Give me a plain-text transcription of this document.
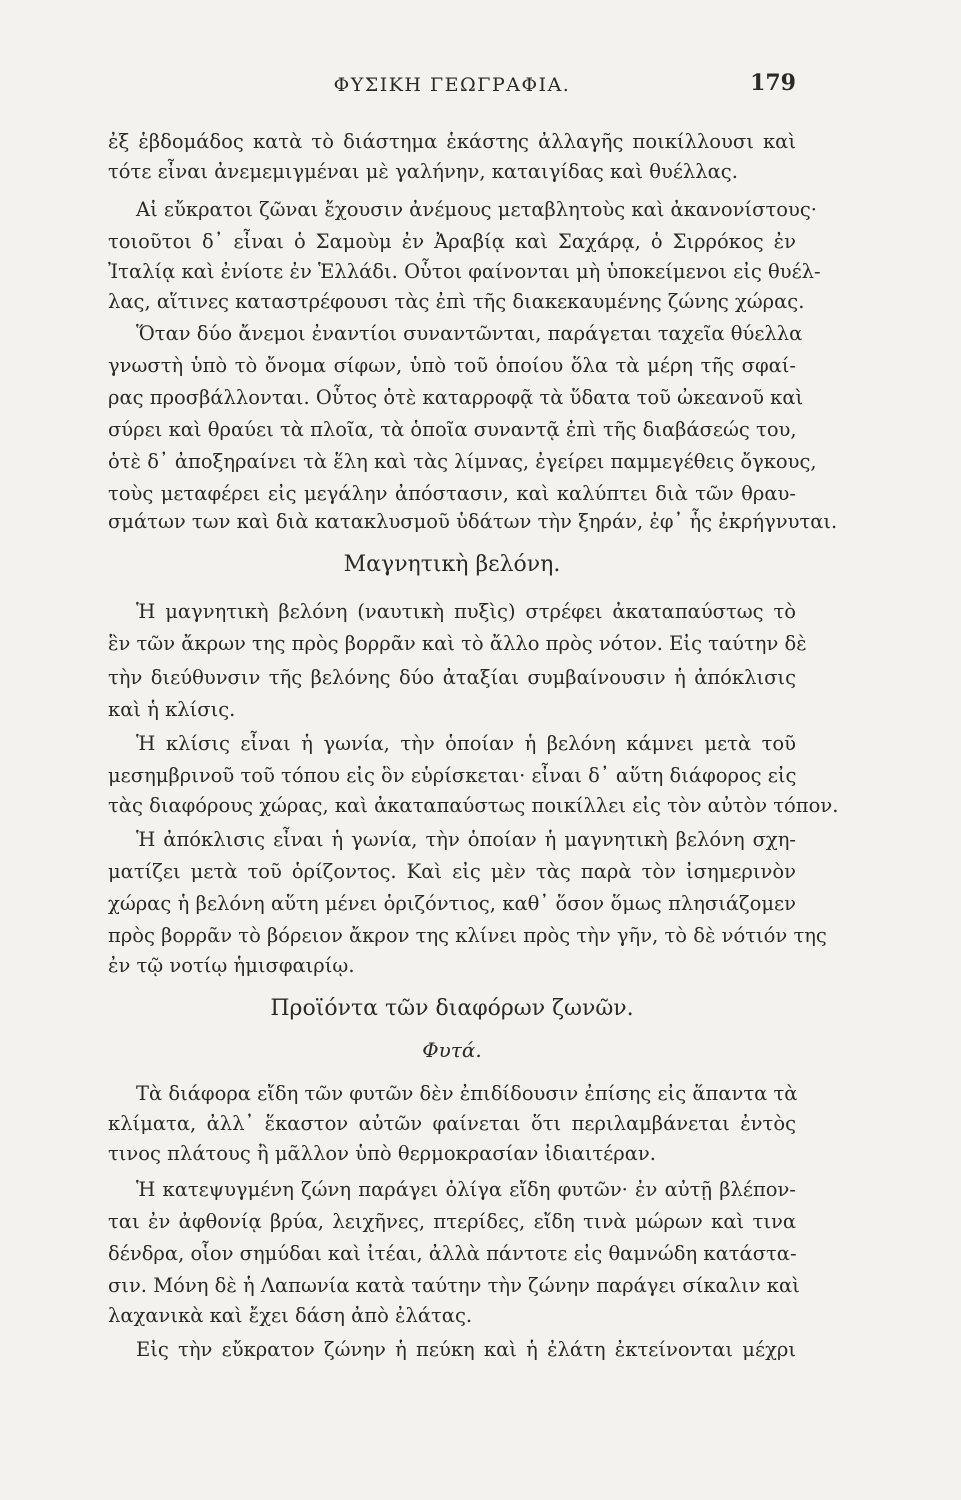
ΦΥΣΙΚΗ ΓΕΩΓΡΑΦΙΑ.	179
ἐξ ἑβδομάδος κατὰ τὸ διάστημα ἑκάστης ἀλλαγῆς ποικίλλουσι καὶ
τότε εἶναι ἀνεμεμιγμέναι μὲ γαλήνην, καταιγίδας καὶ θυέλλας.
Αἱ εὔκρατοι ζῶναι ἔχουσιν ἀνέμους μεταβλητοὺς καὶ ἀκανονίστους·
τοιοῦτοι δ᾽ εἶναι ὁ Σαμοὺμ ἐν Ἀραβίᾳ καὶ Σαχάρᾳ, ὁ Σιρρόκος ἐν
Ἰταλίᾳ καὶ ἐνίοτε ἐν Ἑλλάδι. Οὗτοι φαίνονται μὴ ὑποκείμενοι εἰς θυέλ-
λας, αἵτινες καταστρέφουσι τὰς ἐπὶ τῆς διακεκαυμένης ζώνης χώρας.
Ὅταν δύο ἄνεμοι ἐναντίοι συναντῶνται, παράγεται ταχεῖα θύελλα
γνωστὴ ὑπὸ τὸ ὄνομα σίφων, ὑπὸ τοῦ ὁποίου ὅλα τὰ μέρη τῆς σφαί-
ρας προσβάλλονται. Οὗτος ὁτὲ καταρροφᾷ τὰ ὕδατα τοῦ ὠκεανοῦ καὶ
σύρει καὶ θραύει τὰ πλοῖα, τὰ ὁποῖα συναντᾷ ἐπὶ τῆς διαβάσεώς του,
ὁτὲ δ᾽ ἀποξηραίνει τὰ ἕλη καὶ τὰς λίμνας, ἐγείρει παμμεγέθεις ὄγκους,
τοὺς μεταφέρει εἰς μεγάλην ἀπόστασιν, καὶ καλύπτει διὰ τῶν θραυ-
σμάτων των καὶ διὰ κατακλυσμοῦ ὑδάτων τὴν ξηράν, ἐφ᾽ ἧς ἐκρήγνυται.
Μαγνητικὴ βελόνη.
Ἡ μαγνητικὴ βελόνη (ναυτικὴ πυξὶς) στρέφει ἀκαταπαύστως τὸ
ἓν τῶν ἄκρων της πρὸς βορρᾶν καὶ τὸ ἄλλο πρὸς νότον. Εἰς ταύτην δὲ
τὴν διεύθυνσιν τῆς βελόνης δύο ἀταξίαι συμβαίνουσιν ἡ ἀπόκλισις
καὶ ἡ κλίσις.
Ἡ κλίσις εἶναι ἡ γωνία, τὴν ὁποίαν ἡ βελόνη κάμνει μετὰ τοῦ
μεσημβρινοῦ τοῦ τόπου εἰς ὃν εὑρίσκεται· εἶναι δ᾽ αὕτη διάφορος εἰς
τὰς διαφόρους χώρας, καὶ ἀκαταπαύστως ποικίλλει εἰς τὸν αὐτὸν τόπον.
Ἡ ἀπόκλισις εἶναι ἡ γωνία, τὴν ὁποίαν ἡ μαγνητικὴ βελόνη σχη-
ματίζει μετὰ τοῦ ὁρίζοντος. Καὶ εἰς μὲν τὰς παρὰ τὸν ἰσημερινὸν
χώρας ἡ βελόνη αὕτη μένει ὁριζόντιος, καθ᾽ ὅσον ὅμως πλησιάζομεν
πρὸς βορρᾶν τὸ βόρειον ἄκρον της κλίνει πρὸς τὴν γῆν, τὸ δὲ νότιόν της
ἐν τῷ νοτίῳ ἡμισφαιρίῳ.
Προϊόντα τῶν διαφόρων ζωνῶν.
Φυτά.
Τὰ διάφορα εἴδη τῶν φυτῶν δὲν ἐπιδίδουσιν ἐπίσης εἰς ἅπαντα τὰ
κλίματα, ἀλλ᾽ ἕκαστον αὐτῶν φαίνεται ὅτι περιλαμβάνεται ἐντὸς
τινος πλάτους ἢ μᾶλλον ὑπὸ θερμοκρασίαν ἰδιαιτέραν.
Ἡ κατεψυγμένη ζώνη παράγει ὀλίγα εἴδη φυτῶν· ἐν αὐτῇ βλέπον-
ται ἐν ἀφθονίᾳ βρύα, λειχῆνες, πτερίδες, εἴδη τινὰ μώρων καὶ τινα
δένδρα, οἷον σημύδαι καὶ ἰτέαι, ἀλλὰ πάντοτε εἰς θαμνώδη κατάστα-
σιν. Μόνη δὲ ἡ Λαπωνία κατὰ ταύτην τὴν ζώνην παράγει σίκαλιν καὶ
λαχανικὰ καὶ ἔχει δάση ἀπὸ ἐλάτας.
Εἰς τὴν εὔκρατον ζώνην ἡ πεύκη καὶ ἡ ἐλάτη ἐκτείνονται μέχρι
